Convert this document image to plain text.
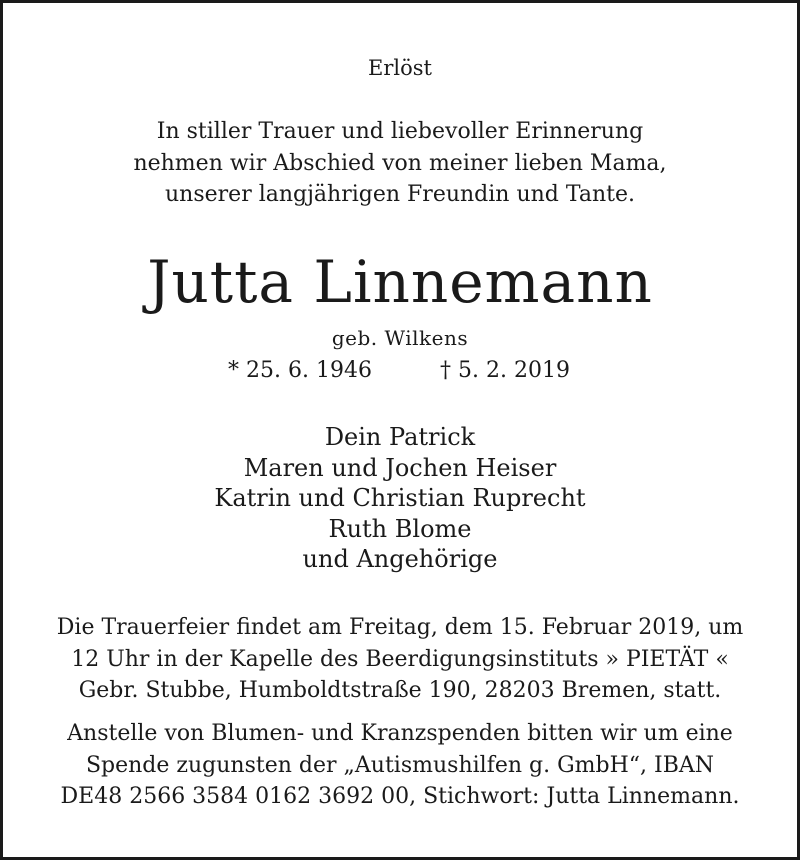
Erlöst
In stiller Trauer und liebevoller Erinnerung
nehmen wir Abschied von meiner lieben Mama,
unserer langjährigen Freundin und Tante.
Jutta Linnemann
geb. Wilkens
* 25. 6. 1946	† 5. 2. 2019
Dein Patrick
Maren und Jochen Heiser
Katrin und Christian Ruprecht
Ruth Blome
und Angehörige
Die Trauerfeier findet am Freitag, dem 15. Februar 2019, um
12 Uhr in der Kapelle des Beerdigungsinstituts » PIETÄT «
Gebr. Stubbe, Humboldtstraße 190, 28203 Bremen, statt.
Anstelle von Blumen- und Kranzspenden bitten wir um eine
Spende zugunsten der „Autismushilfen g. GmbH“, IBAN
DE48 2566 3584 0162 3692 00, Stichwort: Jutta Linnemann.
